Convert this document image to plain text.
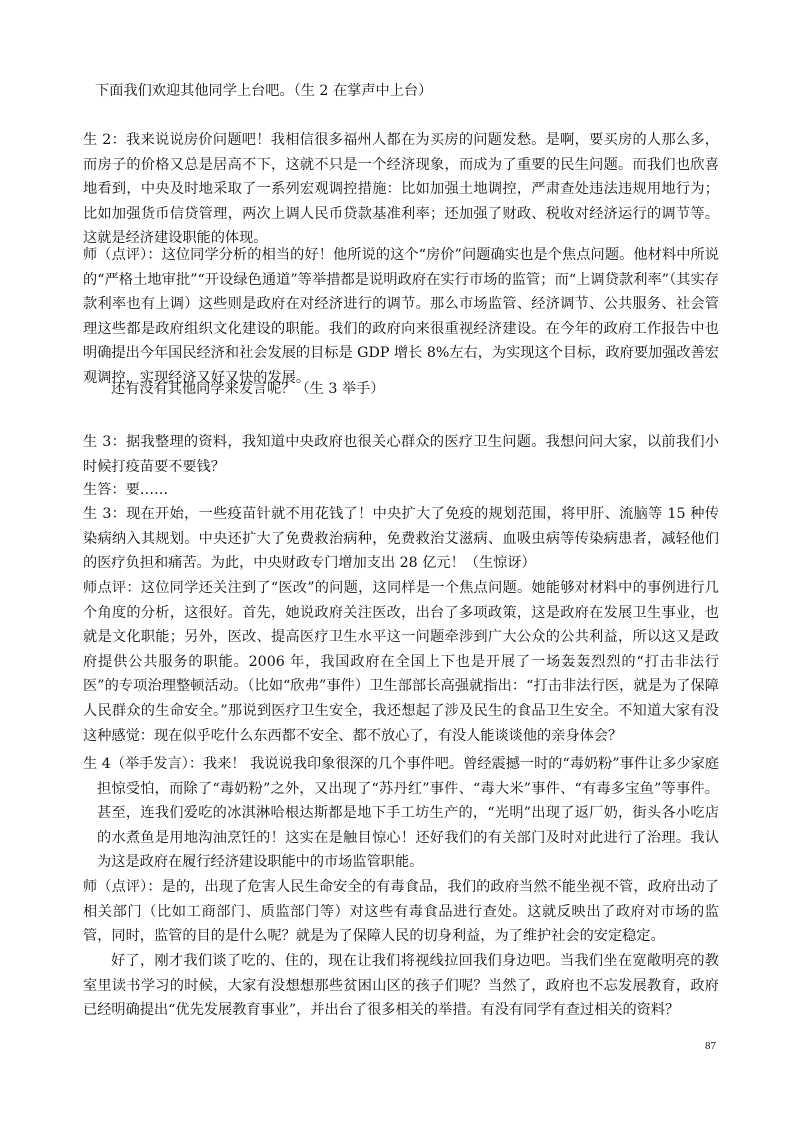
下面我们欢迎其他同学上台吧。（生 2 在掌声中上台）

生 2：我来说说房价问题吧！我相信很多福州人都在为买房的问题发愁。是啊，要买房的人那么多，而房子的价格又总是居高不下，这就不只是一个经济现象，而成为了重要的民生问题。而我们也欣喜地看到，中央及时地采取了一系列宏观调控措施：比如加强土地调控，严肃查处违法违规用地行为；比如加强货币信贷管理，两次上调人民币贷款基准利率；还加强了财政、税收对经济运行的调节等。这就是经济建设职能的体现。

师（点评）：这位同学分析的相当的好！他所说的这个“房价”问题确实也是个焦点问题。他材料中所说的“严格土地审批”“开设绿色通道”等举措都是说明政府在实行市场的监管；而“上调贷款利率”（其实存款利率也有上调）这些则是政府在对经济进行的调节。那么市场监管、经济调节、公共服务、社会管理这些都是政府组织文化建设的职能。我们的政府向来很重视经济建设。在今年的政府工作报告中也明确提出今年国民经济和社会发展的目标是 GDP 增长 8%左右，为实现这个目标，政府要加强改善宏观调控，实现经济又好又快的发展。

还有没有其他同学来发言呢？（生 3 举手）

生 3：据我整理的资料，我知道中央政府也很关心群众的医疗卫生问题。我想问问大家，以前我们小时候打疫苗要不要钱？

生答：要……

生 3：现在开始，一些疫苗针就不用花钱了！中央扩大了免疫的规划范围，将甲肝、流脑等 15 种传染病纳入其规划。中央还扩大了免费救治病种，免费救治艾滋病、血吸虫病等传染病患者，减轻他们的医疗负担和痛苦。为此，中央财政专门增加支出 28 亿元！（生惊讶）

师点评：这位同学还关注到了“医改”的问题，这同样是一个焦点问题。她能够对材料中的事例进行几个角度的分析，这很好。首先，她说政府关注医改，出台了多项政策，这是政府在发展卫生事业，也就是文化职能；另外，医改、提高医疗卫生水平这一问题牵涉到广大公众的公共利益，所以这又是政府提供公共服务的职能。2006 年，我国政府在全国上下也是开展了一场轰轰烈烈的“打击非法行医”的专项治理整顿活动。（比如“欣弗”事件）卫生部部长高强就指出：“打击非法行医，就是为了保障人民群众的生命安全。”那说到医疗卫生安全，我还想起了涉及民生的食品卫生安全。不知道大家有没这种感觉：现在似乎吃什么东西都不安全、都不放心了，有没人能谈谈他的亲身体会？

生 4（举手发言）：我来！ 我说说我印象很深的几个事件吧。曾经震撼一时的“毒奶粉”事件让多少家庭担惊受怕，而除了“毒奶粉”之外，又出现了“苏丹红”事件、“毒大米”事件、“有毒多宝鱼”等事件。甚至，连我们爱吃的冰淇淋哈根达斯都是地下手工坊生产的，“光明”出现了返厂奶，街头各小吃店的水煮鱼是用地沟油烹饪的！这实在是触目惊心！还好我们的有关部门及时对此进行了治理。我认为这是政府在履行经济建设职能中的市场监管职能。

师（点评）：是的，出现了危害人民生命安全的有毒食品，我们的政府当然不能坐视不管，政府出动了相关部门（比如工商部门、质监部门等）对这些有毒食品进行查处。这就反映出了政府对市场的监管，同时，监管的目的是什么呢？就是为了保障人民的切身利益，为了维护社会的安定稳定。

好了，刚才我们谈了吃的、住的，现在让我们将视线拉回我们身边吧。当我们坐在宽敞明亮的教室里读书学习的时候，大家有没想想那些贫困山区的孩子们呢？当然了，政府也不忘发展教育，政府已经明确提出“优先发展教育事业”，并出台了很多相关的举措。有没有同学有查过相关的资料？

87
